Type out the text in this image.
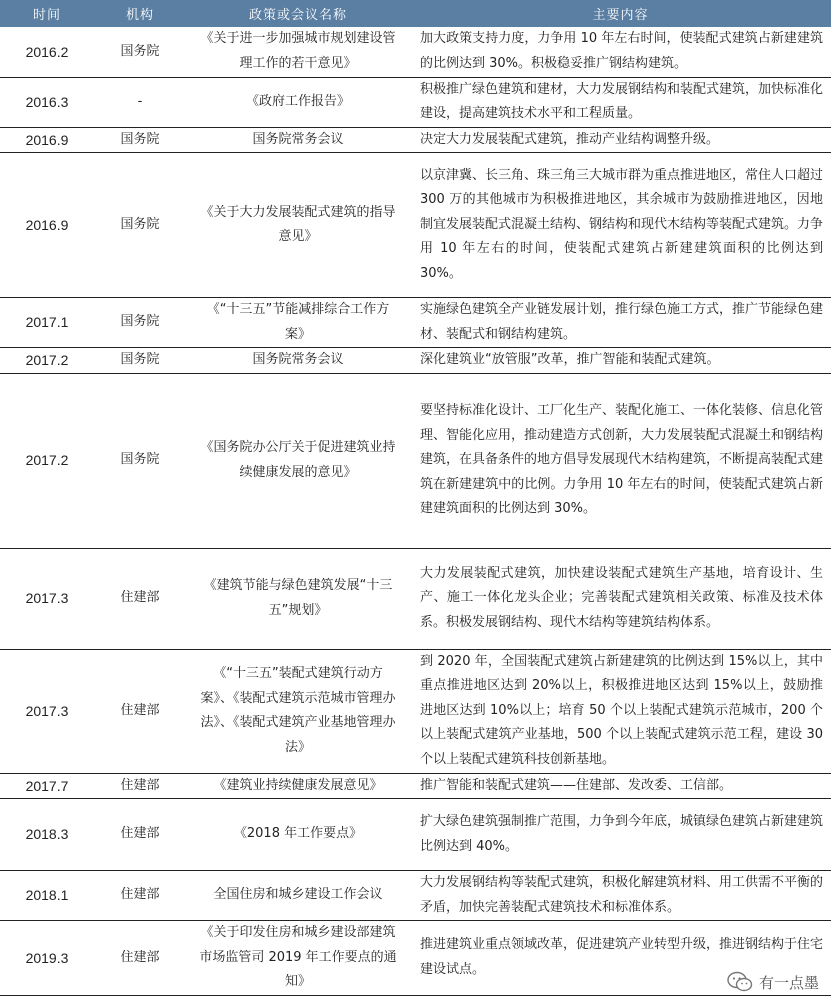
时间	机构	政策或会议名称	主要内容
2016.2	国务院	《关于进一步加强城市规划建设管理工作的若干意见》	加大政策支持力度，力争用 10 年左右时间，使装配式建筑占新建建筑的比例达到 30%。积极稳妥推广钢结构建筑。
2016.3	-	《政府工作报告》	积极推广绿色建筑和建材，大力发展钢结构和装配式建筑，加快标准化建设，提高建筑技术水平和工程质量。
2016.9	国务院	国务院常务会议	决定大力发展装配式建筑，推动产业结构调整升级。
2016.9	国务院	《关于大力发展装配式建筑的指导意见》	以京津冀、长三角、珠三角三大城市群为重点推进地区，常住人口超过 300 万的其他城市为积极推进地区，其余城市为鼓励推进地区，因地制宜发展装配式混凝土结构、钢结构和现代木结构等装配式建筑。力争用 10 年左右的时间，使装配式建筑占新建建筑面积的比例达到 30%。
2017.1	国务院	《“十三五”节能减排综合工作方案》	实施绿色建筑全产业链发展计划，推行绿色施工方式，推广节能绿色建材、装配式和钢结构建筑。
2017.2	国务院	国务院常务会议	深化建筑业“放管服”改革，推广智能和装配式建筑。
2017.2	国务院	《国务院办公厅关于促进建筑业持续健康发展的意见》	要坚持标准化设计、工厂化生产、装配化施工、一体化装修、信息化管理、智能化应用，推动建造方式创新，大力发展装配式混凝土和钢结构建筑，在具备条件的地方倡导发展现代木结构建筑，不断提高装配式建筑在新建建筑中的比例。力争用 10 年左右的时间，使装配式建筑占新建建筑面积的比例达到 30%。
2017.3	住建部	《建筑节能与绿色建筑发展“十三五”规划》	大力发展装配式建筑，加快建设装配式建筑生产基地，培育设计、生产、施工一体化龙头企业；完善装配式建筑相关政策、标准及技术体系。积极发展钢结构、现代木结构等建筑结构体系。
2017.3	住建部	《“十三五”装配式建筑行动方案》、《装配式建筑示范城市管理办法》、《装配式建筑产业基地管理办法》	到 2020 年，全国装配式建筑占新建建筑的比例达到 15%以上，其中重点推进地区达到 20%以上，积极推进地区达到 15%以上，鼓励推进地区达到 10%以上；培育 50 个以上装配式建筑示范城市，200 个以上装配式建筑产业基地，500 个以上装配式建筑示范工程，建设 30 个以上装配式建筑科技创新基地。
2017.7	住建部	《建筑业持续健康发展意见》	推广智能和装配式建筑——住建部、发改委、工信部。
2018.3	住建部	《2018 年工作要点》	扩大绿色建筑强制推广范围，力争到今年底，城镇绿色建筑占新建建筑比例达到 40%。
2018.1	住建部	全国住房和城乡建设工作会议	大力发展钢结构等装配式建筑，积极化解建筑材料、用工供需不平衡的矛盾，加快完善装配式建筑技术和标准体系。
2019.3	住建部	《关于印发住房和城乡建设部建筑市场监管司 2019 年工作要点的通知》	推进建筑业重点领域改革，促进建筑产业转型升级，推进钢结构于住宅建设试点。
有一点墨
